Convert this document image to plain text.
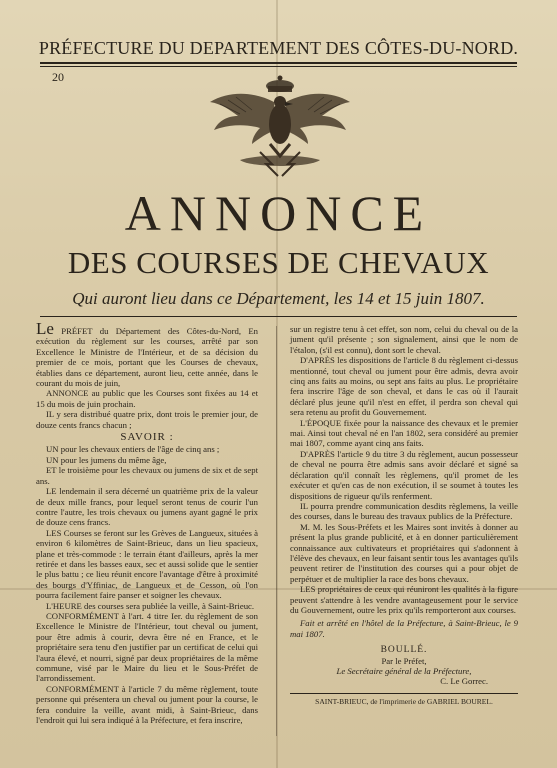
PRÉFECTURE DU DEPARTEMENT DES CÔTES-DU-NORD.
20
ANNONCE
DES COURSES DE CHEVAUX
Qui auront lieu dans ce Département, les 14 et 15 juin 1807.

Le PRÉFET du Département des Côtes-du-Nord, En exécution du règlement sur les courses, arrêté par son Excellence le Ministre de l'Intérieur, et de sa décision du premier de ce mois, portant que les Courses de chevaux, établies dans ce département, auront lieu, cette année, dans le courant du mois de juin,

ANNONCE au public que les Courses sont fixées au 14 et 15 du mois de juin prochain.

IL y sera distribué quatre prix, dont trois le premier jour, de douze cents francs chacun ;

SAVOIR :

UN pour les chevaux entiers de l'âge de cinq ans ;

UN pour les jumens du même âge,

ET le troisième pour les chevaux ou jumens de six et de sept ans.

LE lendemain il sera décerné un quatrième prix de la valeur de deux mille francs, pour lequel seront tenus de courir l'un contre l'autre, les trois chevaux ou jumens ayant gagné le prix de douze cens francs.

LES Courses se feront sur les Grèves de Langueux, situées à environ 6 kilomètres de Saint-Brieuc, dans un lieu spacieux, plane et très-commode : le terrain étant d'ailleurs, après la mer retirée et dans les basses eaux, sec et aussi solide que le sentier le plus battu ; ce lieu réunit encore l'avantage d'être à proximité des bourgs d'Yffiniac, de Langueux et de Cesson, où l'on pourra facilement faire panser et soigner les chevaux.

L'HEURE des courses sera publiée la veille, à Saint-Brieuc.

CONFORMÉMENT à l'art. 4 titre Ier. du règlement de son Excellence le Ministre de l'Intérieur, tout cheval ou jument, pour être admis à courir, devra être né en France, et le propriétaire sera tenu d'en justifier par un certificat de celui qui l'aura élevé, et nourri, signé par deux propriétaires de la même commune, visé par le Maire du lieu et le Sous-Préfet de l'arrondissement.

CONFORMÉMENT à l'article 7 du même règlement, toute personne qui présentera un cheval ou jument pour la course, le fera conduire la veille, avant midi, à Saint-Brieuc, dans l'endroit qui lui sera indiqué à la Préfecture, et fera inscrire,

sur un registre tenu à cet effet, son nom, celui du cheval ou de la jument qu'il présente ; son signalement, ainsi que le nom de l'étalon, (s'il est connu), dont sort le cheval.

D'APRÈS les dispositions de l'article 8 du règlement ci-dessus mentionné, tout cheval ou jument pour être admis, devra avoir cinq ans faits au moins, ou sept ans faits au plus. Le propriétaire fera inscrire l'âge de son cheval, et dans le cas où il l'aurait déclaré plus jeune qu'il n'est en effet, il perdra son cheval qui sera retenu au profit du Gouvernement.

L'ÉPOQUE fixée pour la naissance des chevaux et le premier mai. Ainsi tout cheval né en l'an 1802, sera considéré au premier mai 1807, comme ayant cinq ans faits.

D'APRÈS l'article 9 du titre 3 du règlement, aucun possesseur de cheval ne pourra être admis sans avoir déclaré et signé sa déclaration qu'il connaît les règlemens, qu'il promet de les exécuter et qu'en cas de non exécution, il se soumet à toutes les dispositions de rigueur qu'ils renferment.

IL pourra prendre communication desdits règlemens, la veille des courses, dans le bureau des travaux publics de la Préfecture.

M. M. les Sous-Préfets et les Maires sont invités à donner au présent la plus grande publicité, et à en donner particulièrement connaissance aux cultivateurs et propriétaires qui s'adonnent à l'élève des chevaux, en leur faisant sentir tous les avantages qu'ils peuvent retirer de l'institution des courses qui a pour objet de perpétuer et de multiplier la race des bons chevaux.

LES propriétaires de ceux qui réuniront les qualités à la figure peuvent s'attendre à les vendre avantageusement pour le service du Gouvernement, outre les prix qu'ils remporteront aux courses.

Fait et arrêté en l'hôtel de la Préfecture, à Saint-Brieuc, le 9 mai 1807.

BOULLÉ.

Par le Préfet,

Le Secrétaire général de la Préfecture,

C. Le Gorrec.

SAINT-BRIEUC, de l'imprimerie de GABRIEL BOUREL.
